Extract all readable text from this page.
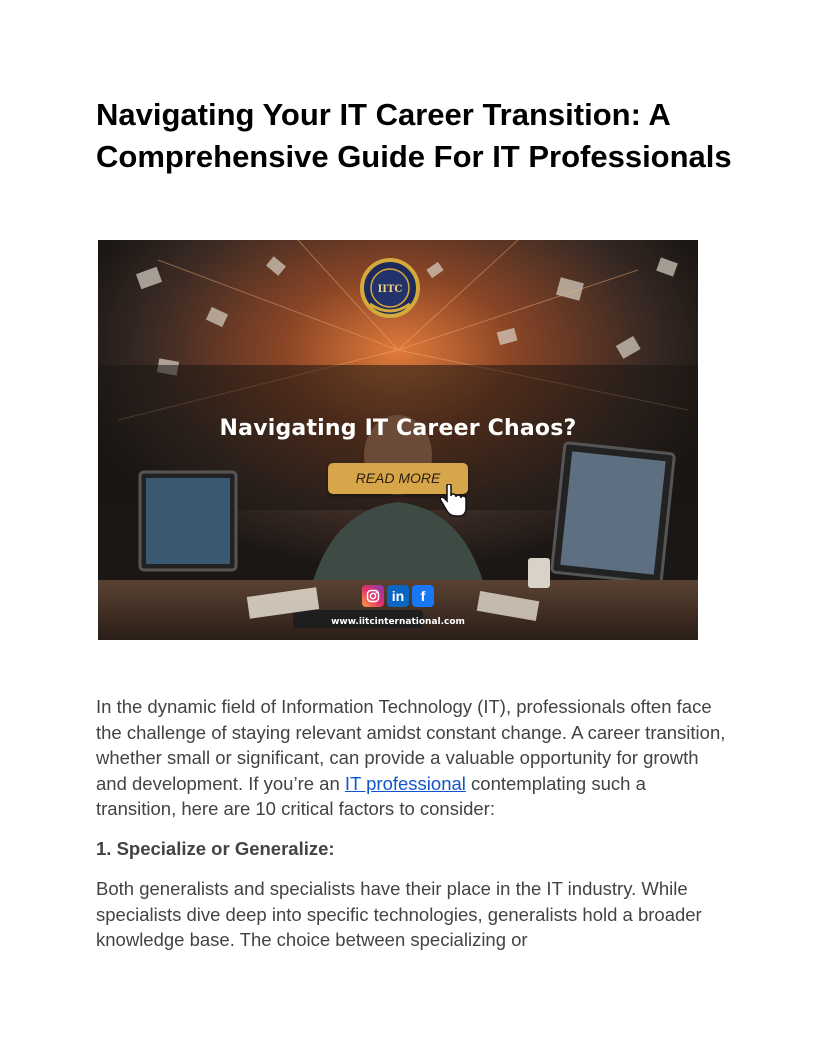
Navigating Your IT Career Transition: A Comprehensive Guide For IT Professionals
IITC
Navigating IT Career Chaos?
READ MORE
in	f
www.iitcinternational.com

In the dynamic field of Information Technology (IT), professionals often face the challenge of staying relevant amidst constant change. A career transition, whether small or significant, can provide a valuable opportunity for growth and development. If you’re an IT professional contemplating such a transition, here are 10 critical factors to consider:

1. Specialize or Generalize:

Both generalists and specialists have their place in the IT industry. While specialists dive deep into specific technologies, generalists hold a broader knowledge base. The choice between specializing or
